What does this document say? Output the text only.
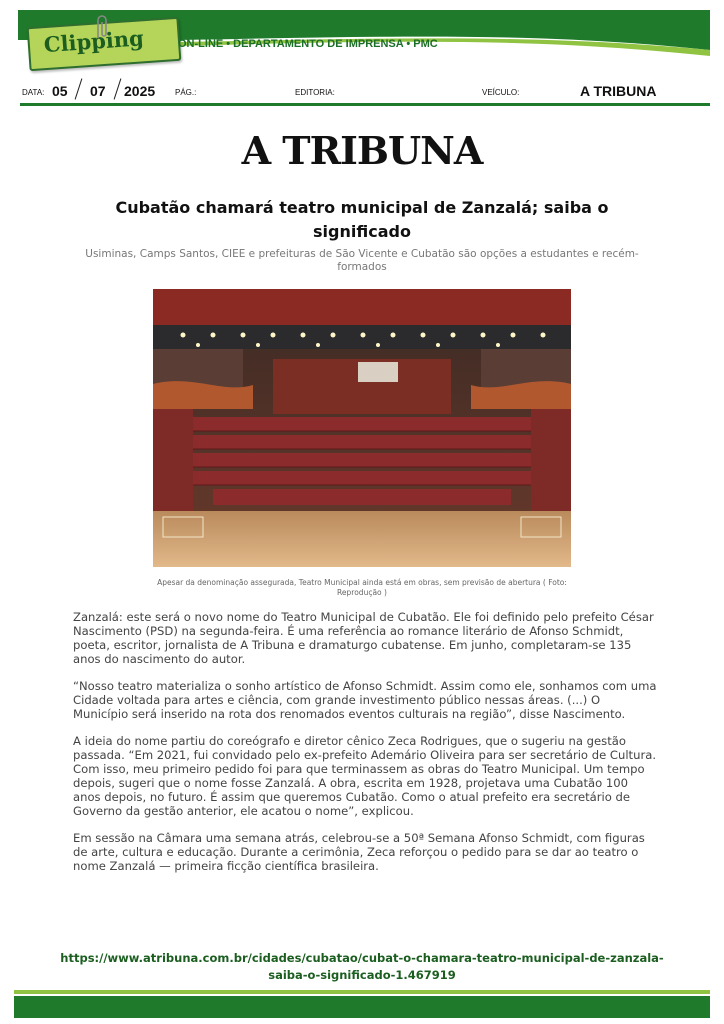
Clipping	ON-LINE • DEPARTAMENTO DE IMPRENSA • PMC
DATA: 05 07 2025 PÁG.:	EDITORIA:	VEÍCULO:	A TRIBUNA
A TRIBUNA
Cubatão chamará teatro municipal de Zanzalá; saiba o significado
Usiminas, Camps Santos, CIEE e prefeituras de São Vicente e Cubatão são opções a estudantes e recém-formados
Apesar da denominação assegurada, Teatro Municipal ainda está em obras, sem previsão de abertura ( Foto: Reprodução )

Zanzalá: este será o novo nome do Teatro Municipal de Cubatão. Ele foi definido pelo prefeito César Nascimento (PSD) na segunda-feira. É uma referência ao romance literário de Afonso Schmidt, poeta, escritor, jornalista de A Tribuna e dramaturgo cubatense. Em junho, completaram-se 135 anos do nascimento do autor.

“Nosso teatro materializa o sonho artístico de Afonso Schmidt. Assim como ele, sonhamos com uma Cidade voltada para artes e ciência, com grande investimento público nessas áreas. (...) O Município será inserido na rota dos renomados eventos culturais na região”, disse Nascimento.

A ideia do nome partiu do coreógrafo e diretor cênico Zeca Rodrigues, que o sugeriu na gestão passada. “Em 2021, fui convidado pelo ex-prefeito Ademário Oliveira para ser secretário de Cultura. Com isso, meu primeiro pedido foi para que terminassem as obras do Teatro Municipal. Um tempo depois, sugeri que o nome fosse Zanzalá. A obra, escrita em 1928, projetava uma Cubatão 100 anos depois, no futuro. É assim que queremos Cubatão. Como o atual prefeito era secretário de Governo da gestão anterior, ele acatou o nome”, explicou.

Em sessão na Câmara uma semana atrás, celebrou-se a 50ª Semana Afonso Schmidt, com figuras de arte, cultura e educação. Durante a cerimônia, Zeca reforçou o pedido para se dar ao teatro o nome Zanzalá — primeira ficção científica brasileira.

https://www.atribuna.com.br/cidades/cubatao/cubat-o-chamara-teatro-municipal-de-zanzala-
saiba-o-significado-1.467919
